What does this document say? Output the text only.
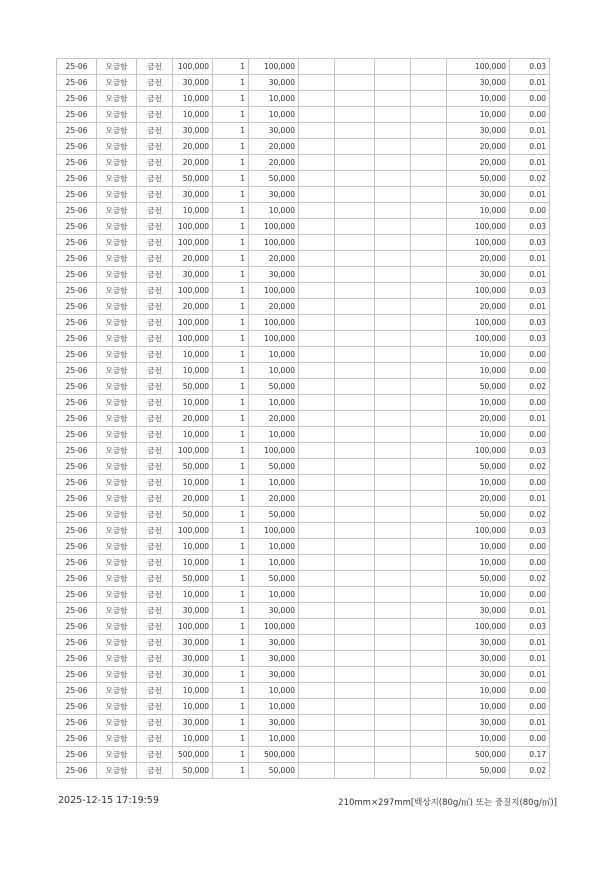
25-06	모금함	금전	100,000	1	100,000					100,000	0.03
25-06	모금함	금전	30,000	1	30,000					30,000	0.01
25-06	모금함	금전	10,000	1	10,000					10,000	0.00
25-06	모금함	금전	10,000	1	10,000					10,000	0.00
25-06	모금함	금전	30,000	1	30,000					30,000	0.01
25-06	모금함	금전	20,000	1	20,000					20,000	0.01
25-06	모금함	금전	20,000	1	20,000					20,000	0.01
25-06	모금함	금전	50,000	1	50,000					50,000	0.02
25-06	모금함	금전	30,000	1	30,000					30,000	0.01
25-06	모금함	금전	10,000	1	10,000					10,000	0.00
25-06	모금함	금전	100,000	1	100,000					100,000	0.03
25-06	모금함	금전	100,000	1	100,000					100,000	0.03
25-06	모금함	금전	20,000	1	20,000					20,000	0.01
25-06	모금함	금전	30,000	1	30,000					30,000	0.01
25-06	모금함	금전	100,000	1	100,000					100,000	0.03
25-06	모금함	금전	20,000	1	20,000					20,000	0.01
25-06	모금함	금전	100,000	1	100,000					100,000	0.03
25-06	모금함	금전	100,000	1	100,000					100,000	0.03
25-06	모금함	금전	10,000	1	10,000					10,000	0.00
25-06	모금함	금전	10,000	1	10,000					10,000	0.00
25-06	모금함	금전	50,000	1	50,000					50,000	0.02
25-06	모금함	금전	10,000	1	10,000					10,000	0.00
25-06	모금함	금전	20,000	1	20,000					20,000	0.01
25-06	모금함	금전	10,000	1	10,000					10,000	0.00
25-06	모금함	금전	100,000	1	100,000					100,000	0.03
25-06	모금함	금전	50,000	1	50,000					50,000	0.02
25-06	모금함	금전	10,000	1	10,000					10,000	0.00
25-06	모금함	금전	20,000	1	20,000					20,000	0.01
25-06	모금함	금전	50,000	1	50,000					50,000	0.02
25-06	모금함	금전	100,000	1	100,000					100,000	0.03
25-06	모금함	금전	10,000	1	10,000					10,000	0.00
25-06	모금함	금전	10,000	1	10,000					10,000	0.00
25-06	모금함	금전	50,000	1	50,000					50,000	0.02
25-06	모금함	금전	10,000	1	10,000					10,000	0.00
25-06	모금함	금전	30,000	1	30,000					30,000	0.01
25-06	모금함	금전	100,000	1	100,000					100,000	0.03
25-06	모금함	금전	30,000	1	30,000					30,000	0.01
25-06	모금함	금전	30,000	1	30,000					30,000	0.01
25-06	모금함	금전	30,000	1	30,000					30,000	0.01
25-06	모금함	금전	10,000	1	10,000					10,000	0.00
25-06	모금함	금전	10,000	1	10,000					10,000	0.00
25-06	모금함	금전	30,000	1	30,000					30,000	0.01
25-06	모금함	금전	10,000	1	10,000					10,000	0.00
25-06	모금함	금전	500,000	1	500,000					500,000	0.17
25-06	모금함	금전	50,000	1	50,000					50,000	0.02
2025-12-15 17:19:59	210mm×297mm[백상지(80g/㎡) 또는 중질지(80g/㎡)]
